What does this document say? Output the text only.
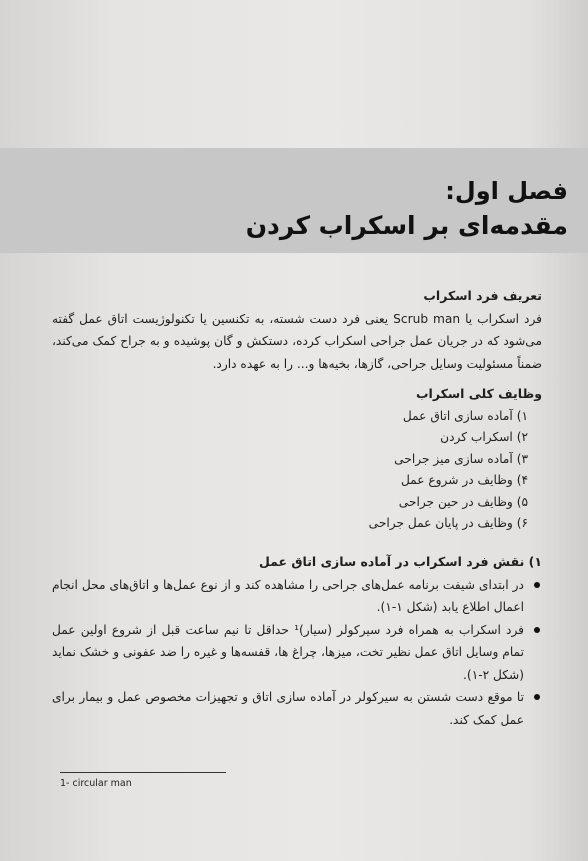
فصل اول:
مقدمه‌ای بر اسکراب کردن
تعریف فرد اسکراب

فرد اسکراب یا Scrub man یعنی فرد دست شسته، به تکنسین یا تکنولوژیست اتاق عمل گفته می‌شود که در جریان عمل جراحی اسکراب کرده، دستکش و گان پوشیده و به جراح کمک می‌کند، ضمناً مسئولیت وسایل جراحی، گازها، بخیه‌ها و... را به عهده دارد.

وظایف کلی اسکراب
۱) آماده سازی اتاق عمل
۲) اسکراب کردن
۳) آماده سازی میز جراحی
۴) وظایف در شروع عمل
۵) وظایف در حین جراحی
۶) وظایف در پایان عمل جراحی
۱) نقش فرد اسکراب در آماده سازی اتاق عمل
در ابتدای شیفت برنامه عمل‌های جراحی را مشاهده کند و از نوع عمل‌ها و اتاق‌های محل انجام اعمال اطلاع یابد (شکل ۱-۱).
فرد اسکراب به همراه فرد سیرکولر (سیار)¹ حداقل تا نیم ساعت قبل از شروع اولین عمل تمام وسایل اتاق عمل نظیر تخت، میزها، چراغ ها، قفسه‌ها و غیره را ضد عفونی و خشک نماید (شکل ۲-۱).
تا موقع دست شستن به سیرکولر در آماده سازی اتاق و تجهیزات مخصوص عمل و بیمار برای عمل کمک کند.
1- circular man
